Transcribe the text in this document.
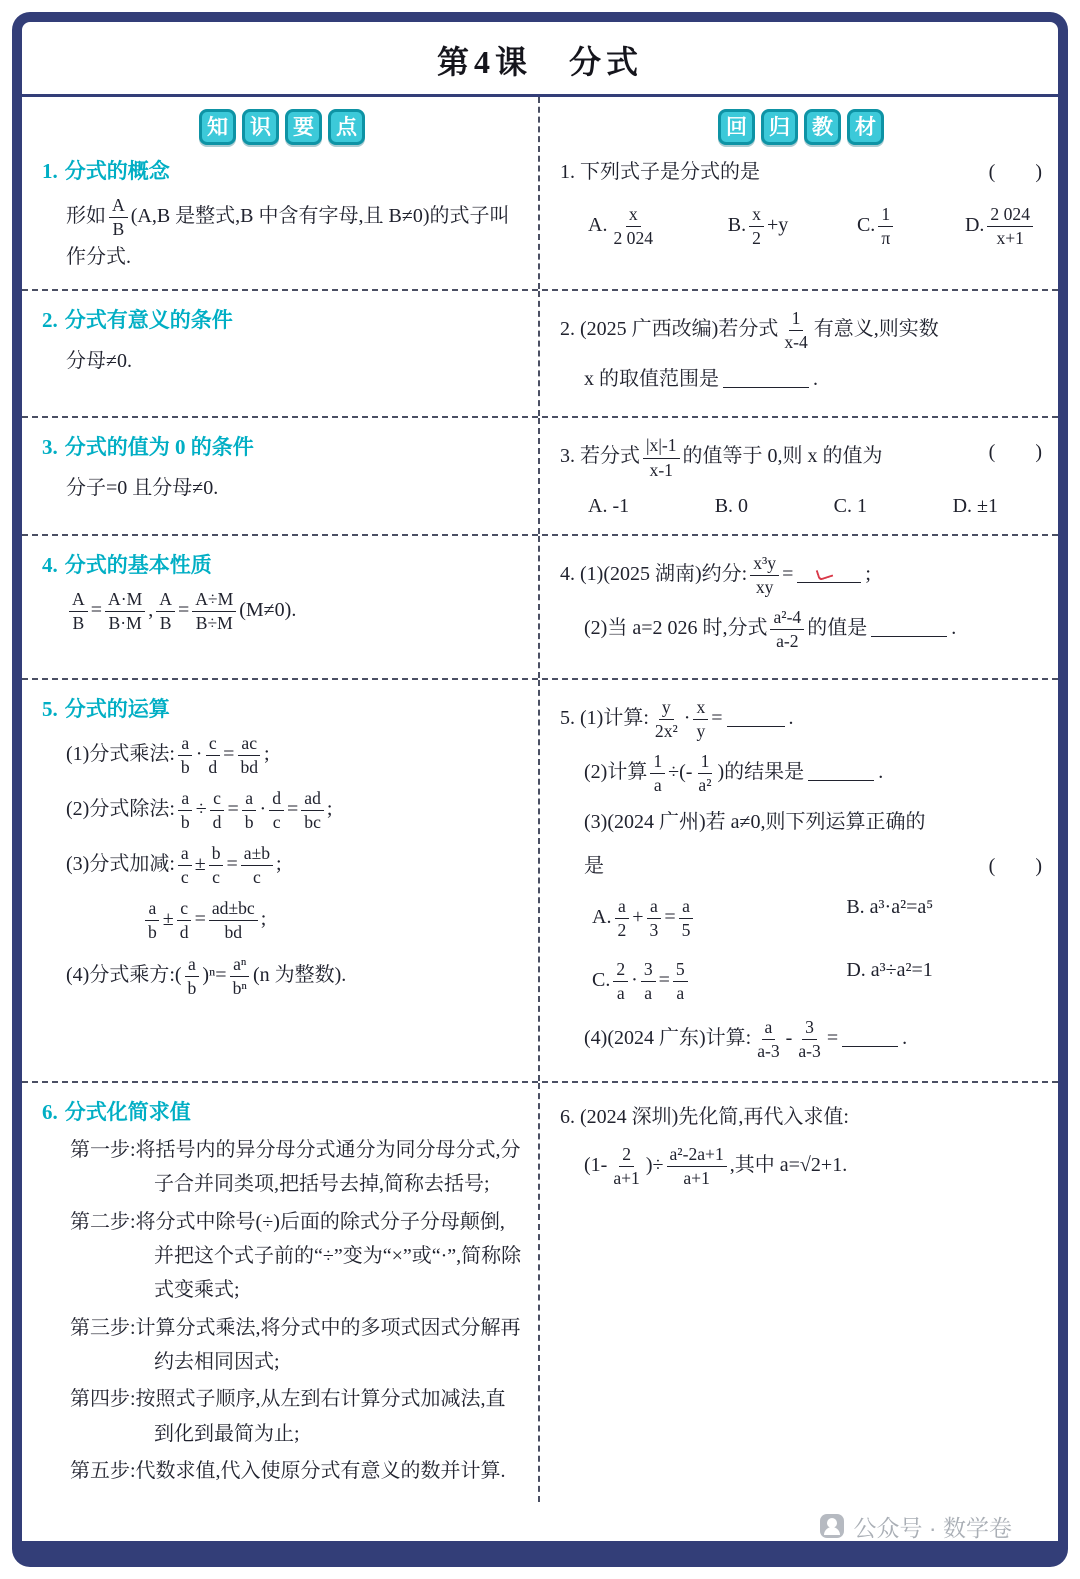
第4课　分式
知	识	要	点
1. 分式的概念
形如 $\frac{A}{B} (A,B$ 是整式,B 中含有字母,且 B≠0)的式子叫作分式.
回	归	教	材
1. 下列式子是分式的是	(　　)
A. $\frac{x}{2 024}$	B. $\frac{x}{2} +y$	C. $\frac{1}{\pi}$	D. $\frac{2 024}{x+1}$
2. 分式有意义的条件
分母≠0.
2. (2025 广西改编)若分式 $\frac{1}{x-4}$ 有意义,则实数
x 的取值范围是	.
3. 分式的值为 0 的条件
分子=0 且分母≠0.
3. 若分式 $\frac{|x|-1}{x-1}$ 的值等于 0,则 x 的值为	(　　)
A. -1	B. 0	C. 1	D. ±1
4. 分式的基本性质
$\frac{A}{B} = \frac{A\cdot M}{B\cdot M}$ , $\frac{A}{B} = \frac{A\div M}{B\div M} (M\ne 0)$.
4. (1)(2025 湖南)约分: $\frac{\text{x³y}}{xy}$ =	;
(2)当 a=2 026 时,分式 $\frac{\text{a²-4}}{a-2}$ 的值是	.
5. 分式的运算
(1)分式乘法: $\frac{a}{b} \cdot \frac{c}{d} = \frac{ac}{bd}$ ;
(2)分式除法: $\frac{a}{b} \div \frac{c}{d} = \frac{a}{b} \cdot \frac{d}{c} = \frac{ad}{bc}$ ;
(3)分式加减: $\frac{a}{c} \pm \frac{b}{c} = \frac{a\pm b}{c}$ ;
$\frac{a}{b} \pm \frac{c}{d} = \frac{ad\pm bc}{bd}$ ;
(4)分式乘方:( $\frac{a}{b} )^n= \frac{\text{aⁿ}}{\text{bⁿ}} (n$ 为整数).
5. (1)计算: $\frac{y}{\text{2x²}} \cdot \frac{x}{y}$ =	.
(2)计算 $\frac{1}{a}$ ÷(- $\frac{1}{\text{a²}}$ )的结果是	.
(3)(2024 广州)若 a≠0,则下列运算正确的
是	(　　)
A. $\frac{a}{2} + \frac{a}{3} = \frac{a}{5}$	B. a³·a²=a⁵
C. $\frac{2}{a} \cdot \frac{3}{a} = \frac{5}{a}$	D. a³÷a²=1
(4)(2024 广东)计算: $\frac{a}{a-3} - \frac{3}{a-3}$ =	.
6. 分式化简求值

第一步:将括号内的异分母分式通分为同分母分式,分子合并同类项,把括号去掉,简称去括号;

第二步:将分式中除号(÷)后面的除式分子分母颠倒,并把这个式子前的“÷”变为“×”或“·”,简称除式变乘式;

第三步:计算分式乘法,将分式中的多项式因式分解再约去相同因式;

第四步:按照式子顺序,从左到右计算分式加减法,直到化到最简为止;

第五步:代数求值,代入使原分式有意义的数并计算.

6. (2024 深圳)先化简,再代入求值:
($1- \frac{2}{a+1}$ )÷ $\frac{\text{a²-2a+1}}{a+1}$ ,其中 a=√2+1.
公众号 · 数学卷
